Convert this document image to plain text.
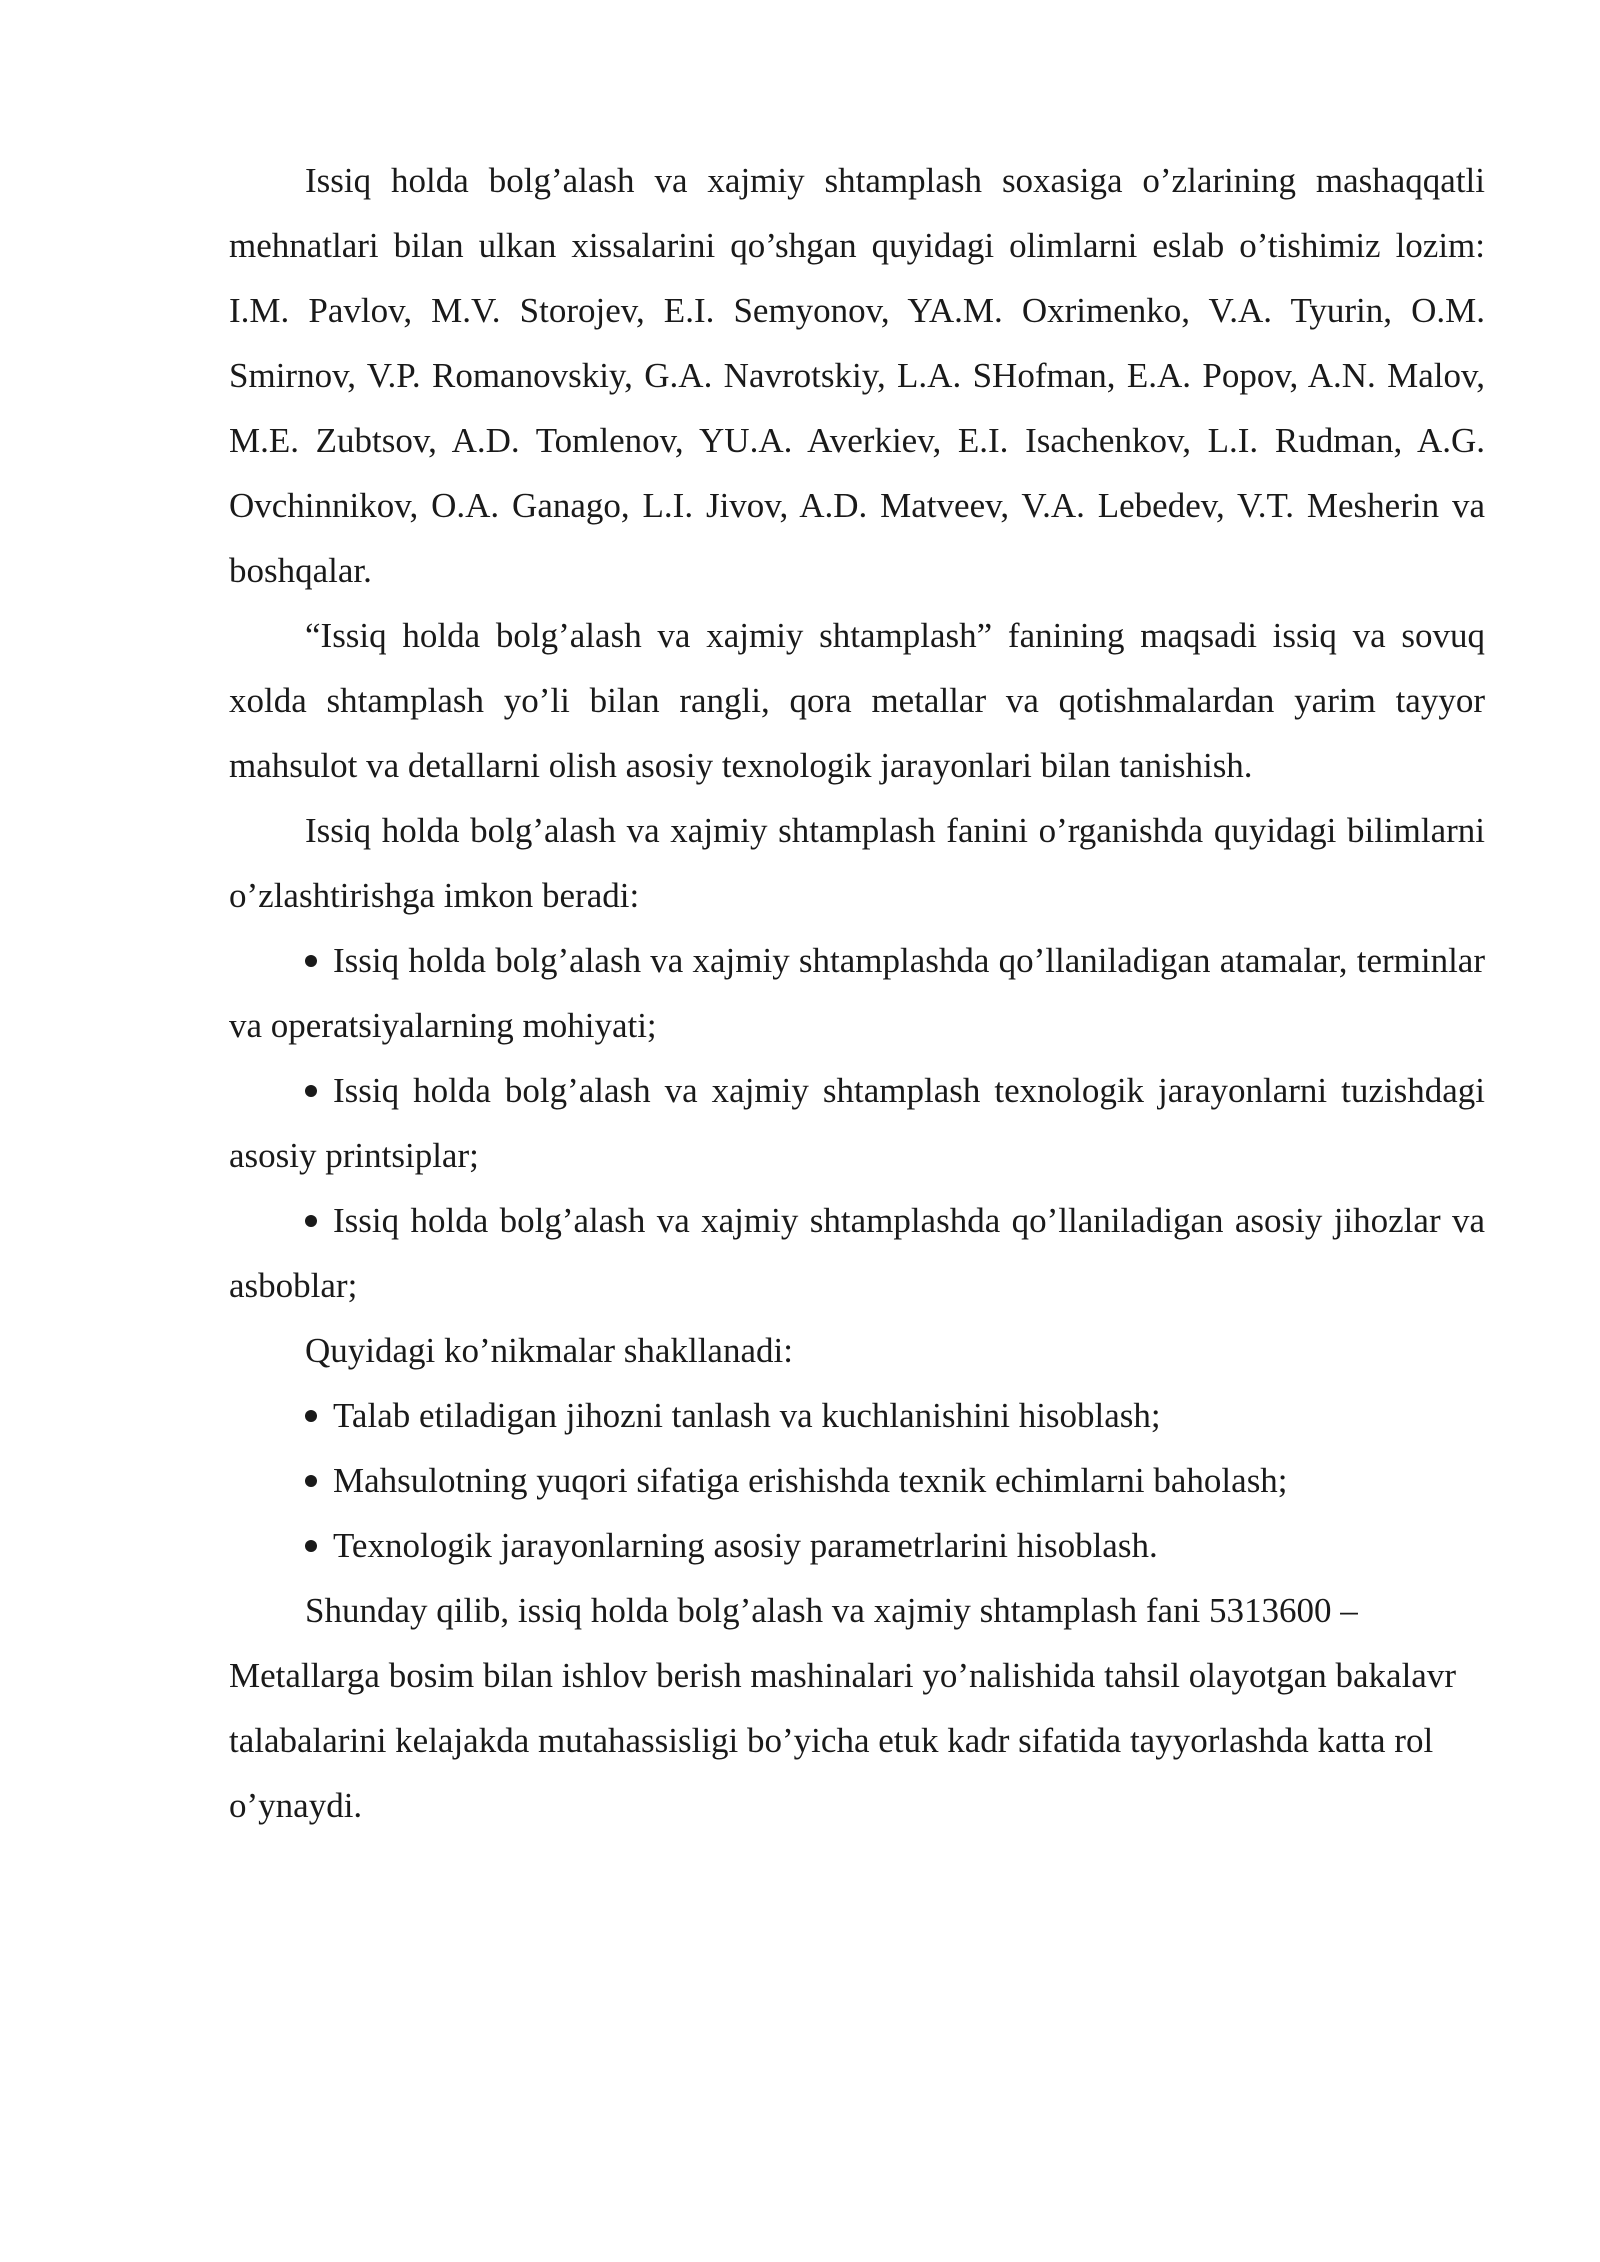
Issiq holda bolg’alash va xajmiy shtamplash soxasiga o’zlarining mashaqqatli mehnatlari bilan ulkan xissalarini qo’shgan quyidagi olimlarni eslab o’tishimiz lozim: I.M. Pavlov, M.V. Storojev, E.I. Semyonov, YA.M. Oxrimenko, V.A. Tyurin, O.M. Smirnov, V.P. Romanovskiy, G.A. Navrotskiy, L.A. SHofman, E.A. Popov, A.N. Malov, M.E. Zubtsov, A.D. Tomlenov, YU.A. Averkiev, E.I. Isachenkov, L.I. Rudman, A.G. Ovchinnikov, O.A. Ganago, L.I. Jivov, A.D. Matveev, V.A. Lebedev, V.T. Mesherin va boshqalar.

“Issiq holda bolg’alash va xajmiy shtamplash” fanining maqsadi issiq va sovuq xolda shtamplash yo’li bilan rangli, qora metallar va qotishmalardan yarim tayyor mahsulot va detallarni olish asosiy texnologik jarayonlari bilan tanishish.

Issiq holda bolg’alash va xajmiy shtamplash fanini o’rganishda quyidagi bilimlarni o’zlashtirishga imkon beradi:

Issiq holda bolg’alash va xajmiy shtamplashda qo’llaniladigan atamalar, terminlar va operatsiyalarning mohiyati;

Issiq holda bolg’alash va xajmiy shtamplash texnologik jarayonlarni tuzishdagi asosiy printsiplar;

Issiq holda bolg’alash va xajmiy shtamplashda qo’llaniladigan asosiy jihozlar va asboblar;

Quyidagi ko’nikmalar shakllanadi:

Talab etiladigan jihozni tanlash va kuchlanishini hisoblash;

Mahsulotning yuqori sifatiga erishishda texnik echimlarni baholash;

Texnologik jarayonlarning asosiy parametrlarini hisoblash.

Shunday qilib, issiq holda bolg’alash va xajmiy shtamplash fani 5313600 – Metallarga bosim bilan ishlov berish mashinalari yo’nalishida tahsil olayotgan bakalavr talabalarini kelajakda mutahassisligi bo’yicha etuk kadr sifatida tayyorlashda katta rol o’ynaydi.
